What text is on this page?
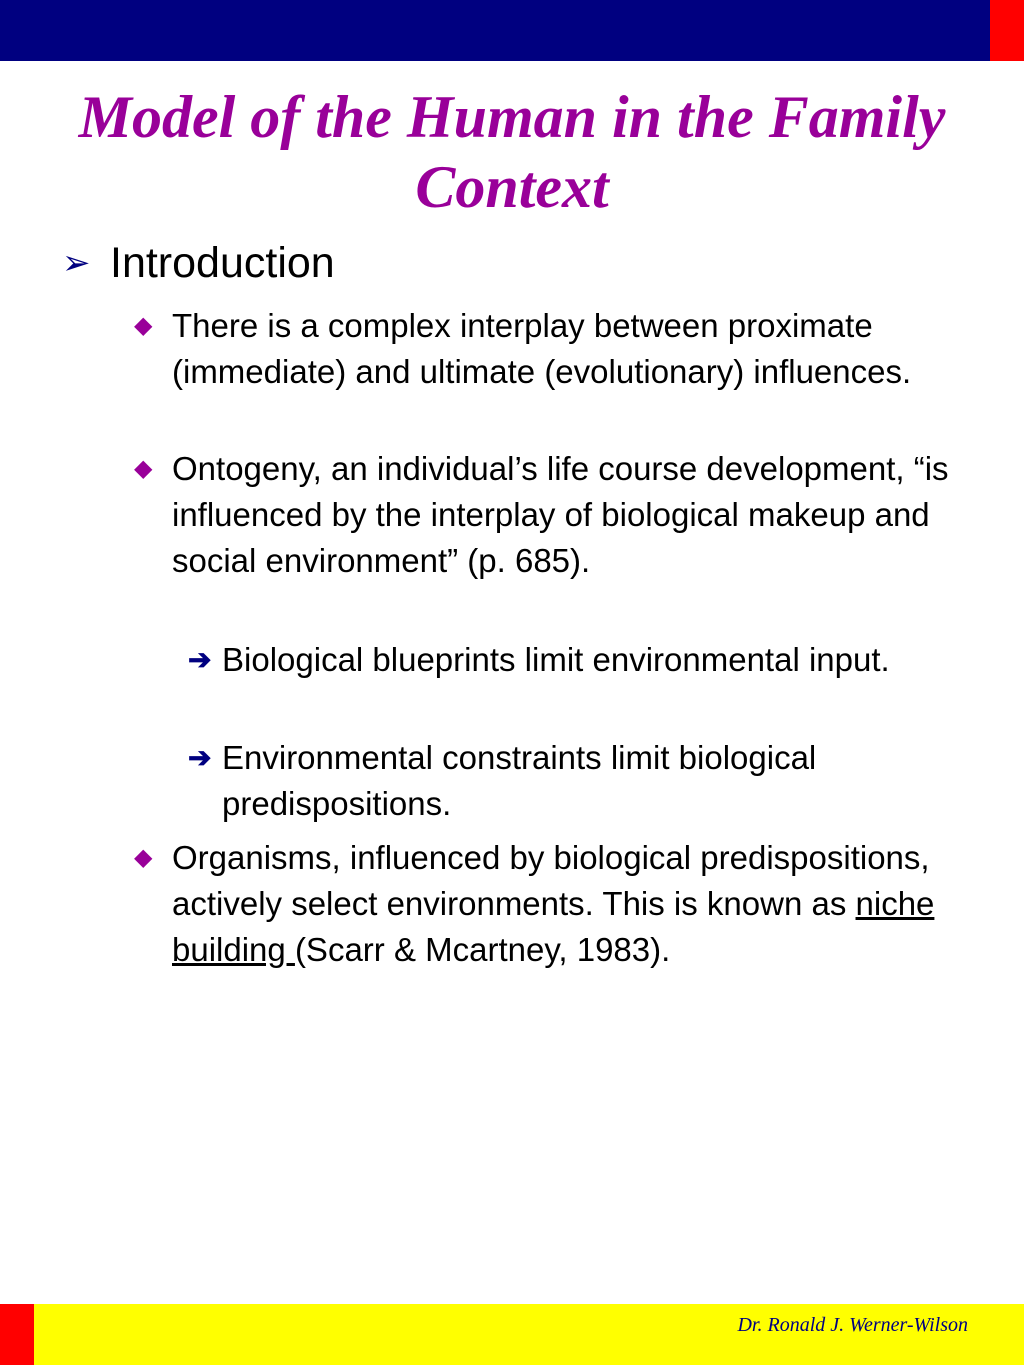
Model of the Human in the Family Context
➢ Introduction
◆ There is a complex interplay between proximate (immediate) and ultimate (evolutionary) influences.
◆ Ontogeny, an individual’s life course development, “is influenced by the interplay of biological makeup and social environment” (p. 685).
➔ Biological blueprints limit environmental input.
➔ Environmental constraints limit biological predispositions.
◆ Organisms, influenced by biological predispositions, actively select environments. This is known as niche building (Scarr & Mcartney, 1983).
Dr. Ronald J. Werner-Wilson
